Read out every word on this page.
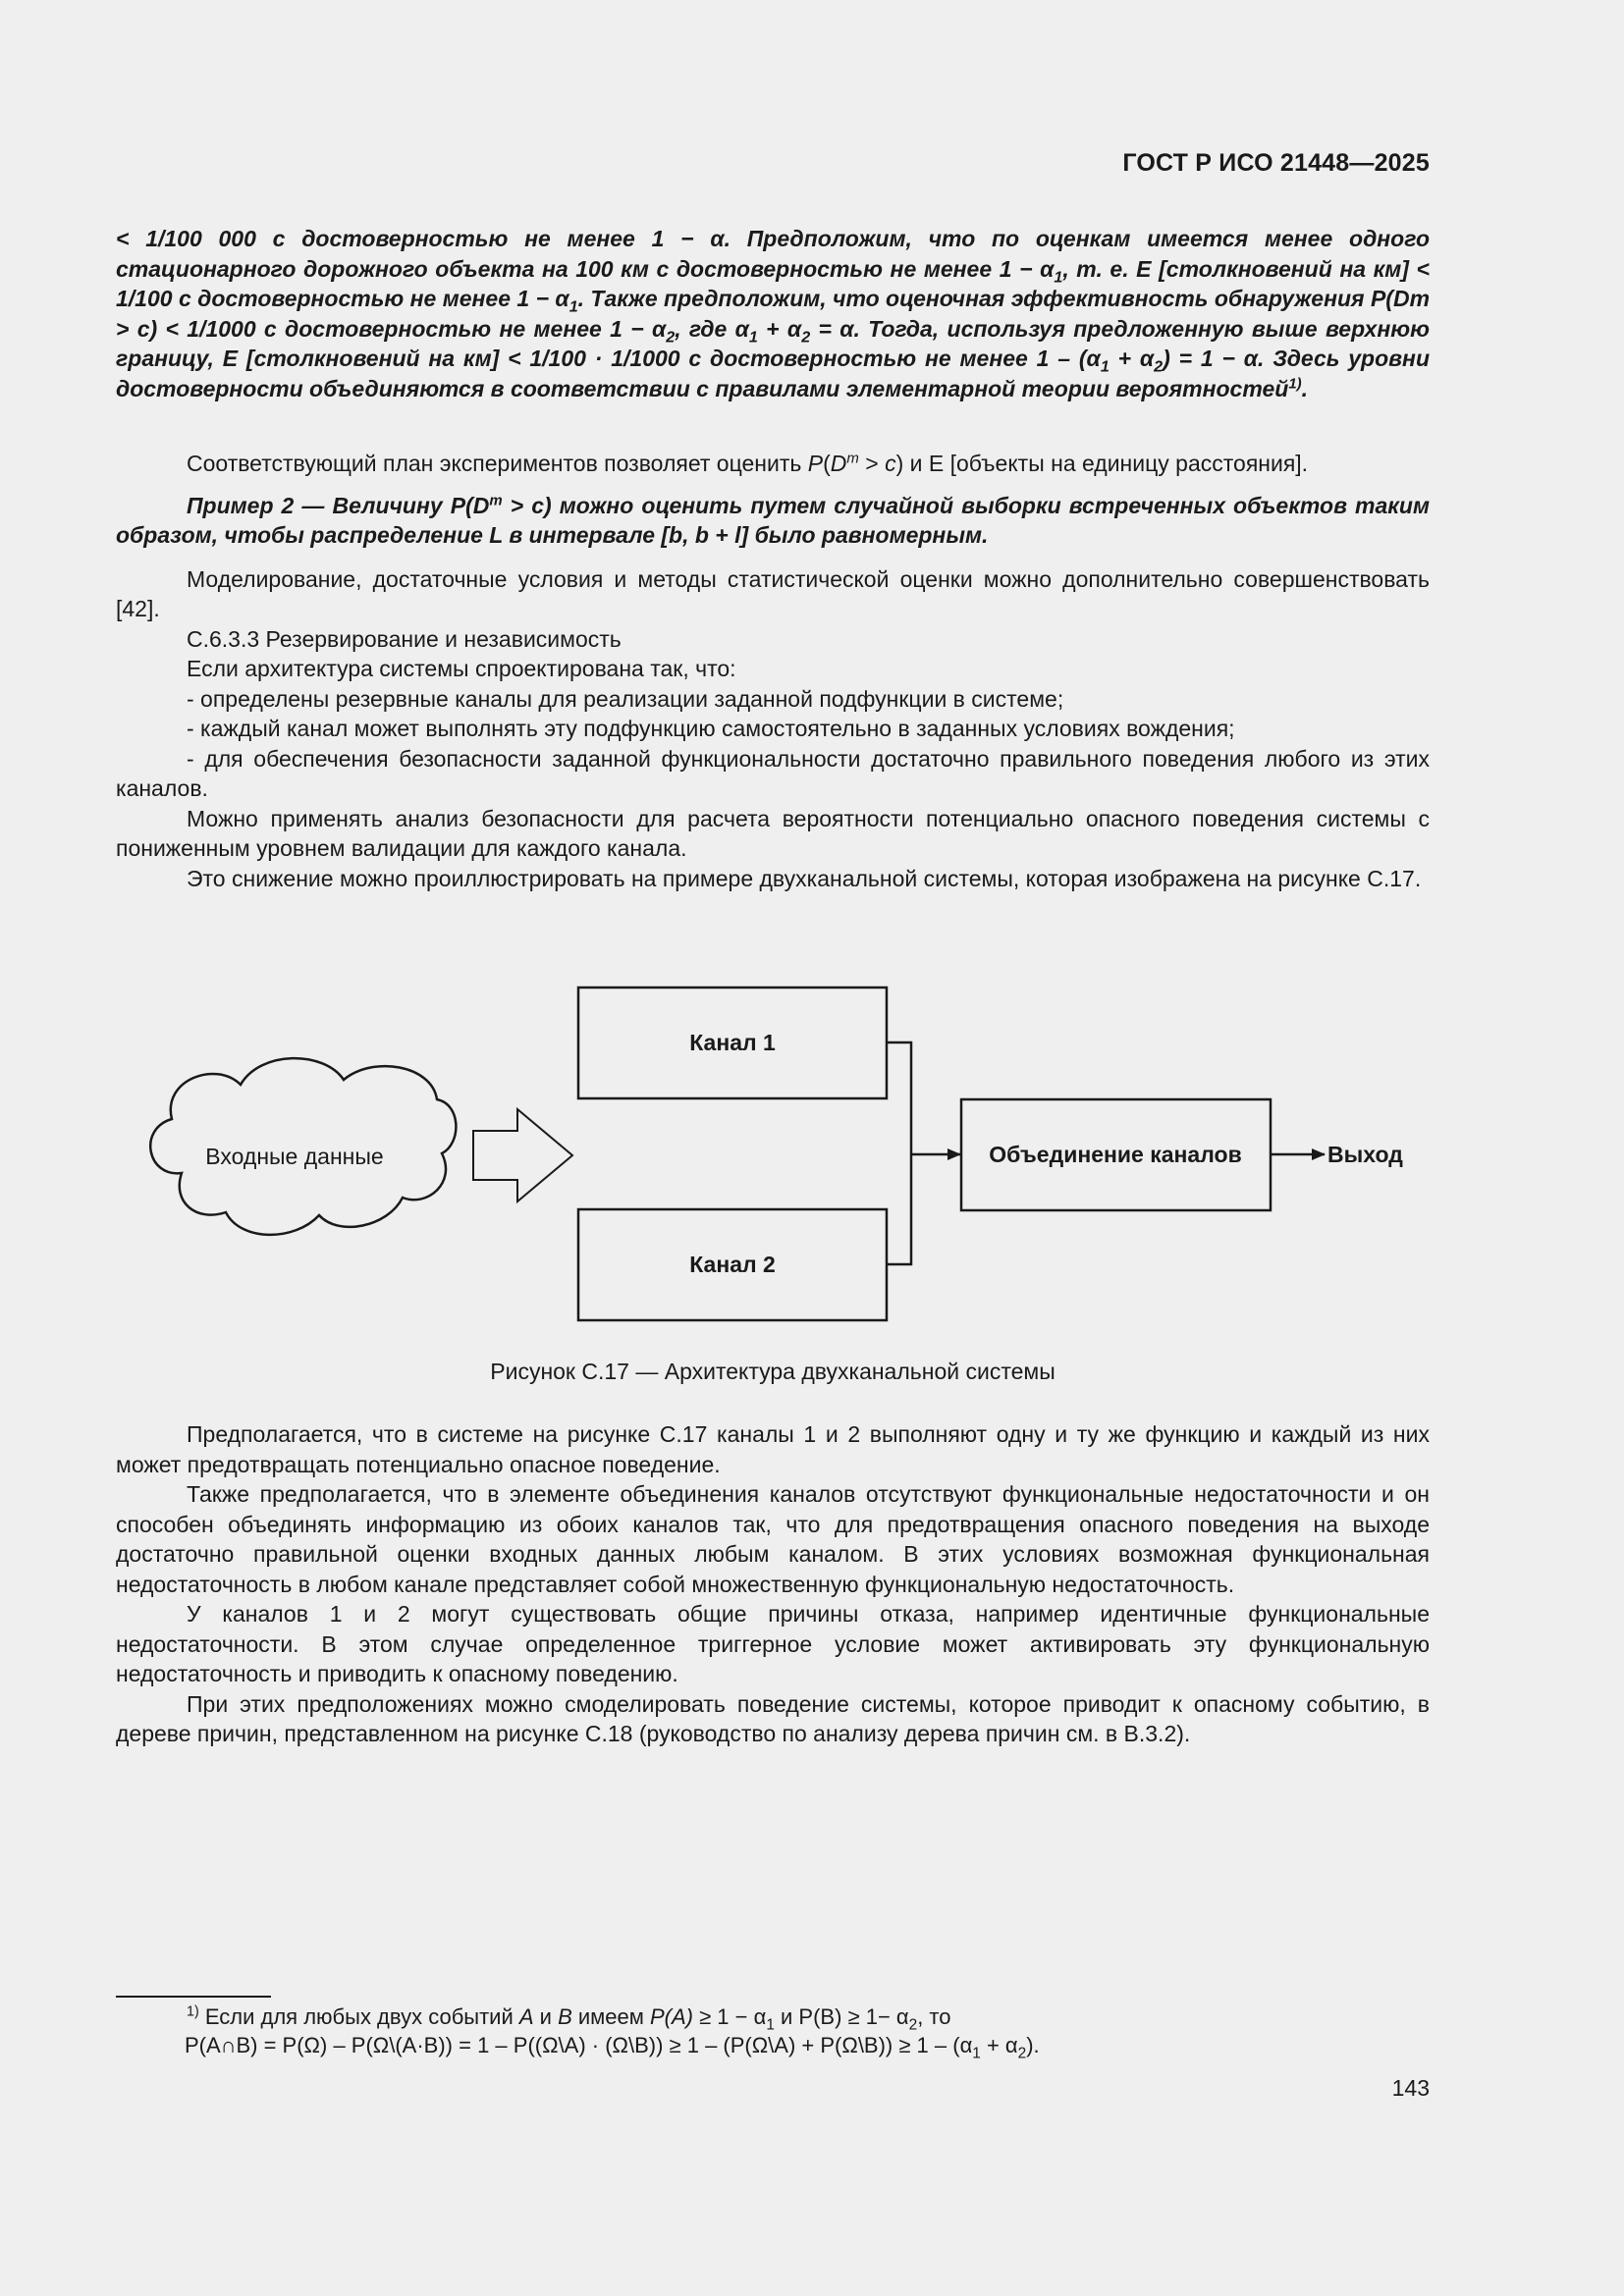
ГОСТ Р ИСО 21448—2025
< 1/100 000 с достоверностью не менее 1 − α. Предположим, что по оценкам имеется менее одного стационарного дорожного объекта на 100 км с достоверностью не менее $1 - \alpha_1$, т. е. E [столкновений на км] < 1/100 с достоверностью не менее $1 - \alpha_1$. Также предположим, что оценочная эффективность обнаружения P(Dm > c) < 1/1000 с достоверностью не менее $1 - \alpha_2$, где $\alpha_1 + \alpha_2 = \alpha$. Тогда, используя предложенную выше верхнюю границу, E [столкновений на км] < 1/100 · 1/1000 с достоверностью не менее $1 - (\alpha_1 + \alpha_2) = 1 - \alpha$. Здесь уровни достоверности объединяются в соответствии с правилами элементарной теории вероятностей$^{1)}$.

Соответствующий план экспериментов позволяет оценить $P(D^m > c)$ и E [объекты на единицу расстояния].

Пример 2 — Величину $P(D^m > c)$ можно оценить путем случайной выборки встреченных объектов таким образом, чтобы распределение L в интервале [b, b + l] было равномерным.

Моделирование, достаточные условия и методы статистической оценки можно дополнительно совершенствовать [42].

С.6.3.3 Резервирование и независимость

Если архитектура системы спроектирована так, что:

- определены резервные каналы для реализации заданной подфункции в системе;

- каждый канал может выполнять эту подфункцию самостоятельно в заданных условиях вождения;

- для обеспечения безопасности заданной функциональности достаточно правильного поведения любого из этих каналов.

Можно применять анализ безопасности для расчета вероятности потенциально опасного поведения системы с пониженным уровнем валидации для каждого канала.

Это снижение можно проиллюстрировать на примере двухканальной системы, которая изображена на рисунке С.17.

Входные данные
Канал 1
Канал 2
Объединение каналов	Выход
Рисунок С.17 — Архитектура двухканальной системы

Предполагается, что в системе на рисунке С.17 каналы 1 и 2 выполняют одну и ту же функцию и каждый из них может предотвращать потенциально опасное поведение.

Также предполагается, что в элементе объединения каналов отсутствуют функциональные недостаточности и он способен объединять информацию из обоих каналов так, что для предотвращения опасного поведения на выходе достаточно правильной оценки входных данных любым каналом. В этих условиях возможная функциональная недостаточность в любом канале представляет собой множественную функциональную недостаточность.

У каналов 1 и 2 могут существовать общие причины отказа, например идентичные функциональные недостаточности. В этом случае определенное триггерное условие может активировать эту функциональную недостаточность и приводить к опасному поведению.

При этих предположениях можно смоделировать поведение системы, которое приводит к опасному событию, в дереве причин, представленном на рисунке С.18 (руководство по анализу дерева причин см. в В.3.2).

$^{1)}$ Если для любых двух событий A и B имеем $P(A) \ge 1 - \alpha_1$ и $P(B) \ge 1- \alpha_2$, то
P(A∩B) = P(Ω) – P(Ω\(A·B)) = 1 – P((Ω\A) · (Ω\B)) ≥ 1 – (P(Ω\A) + P(Ω\B)) ≥ $1 - (\alpha_1 + \alpha_2)$.
143
